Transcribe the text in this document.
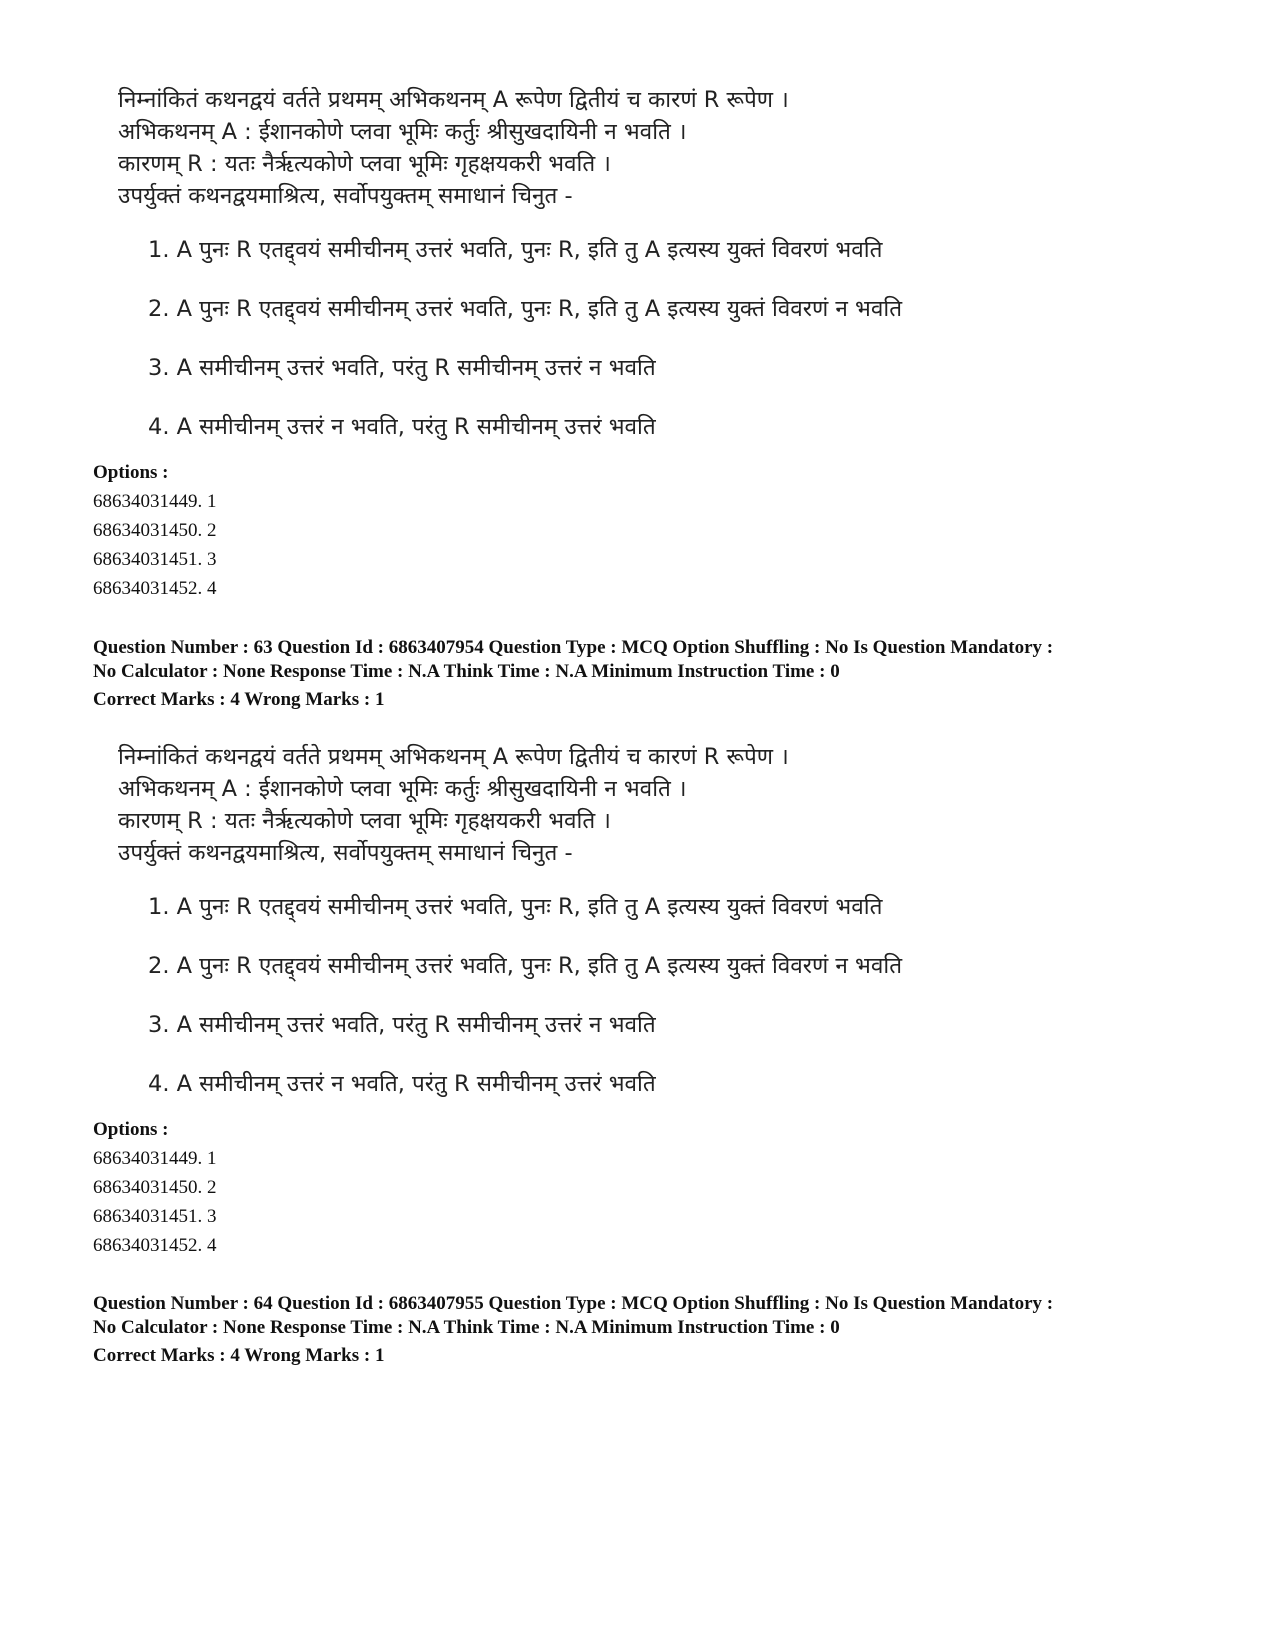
निम्नांकितं कथनद्वयं वर्तते प्रथमम् अभिकथनम् A रूपेण द्वितीयं च कारणं R रूपेण ।
अभिकथनम् A : ईशानकोणे प्लवा भूमिः कर्तुः श्रीसुखदायिनी न भवति ।
कारणम् R : यतः नैर्ऋत्यकोणे प्लवा भूमिः गृहक्षयकरी भवति ।
उपर्युक्तं कथनद्वयमाश्रित्य, सर्वोपयुक्तम् समाधानं चिनुत -
1. A पुनः R एतद्द्वयं समीचीनम् उत्तरं भवति, पुनः R, इति तु A इत्यस्य युक्तं विवरणं भवति
2. A पुनः R एतद्द्वयं समीचीनम् उत्तरं भवति, पुनः R, इति तु A इत्यस्य युक्तं विवरणं न भवति
3. A समीचीनम् उत्तरं भवति, परंतु R समीचीनम् उत्तरं न भवति
4. A समीचीनम् उत्तरं न भवति, परंतु R समीचीनम् उत्तरं भवति
Options :
68634031449. 1
68634031450. 2
68634031451. 3
68634031452. 4
Question Number : 63 Question Id : 6863407954 Question Type : MCQ Option Shuffling : No Is Question Mandatory :
No Calculator : None Response Time : N.A Think Time : N.A Minimum Instruction Time : 0
Correct Marks : 4 Wrong Marks : 1
निम्नांकितं कथनद्वयं वर्तते प्रथमम् अभिकथनम् A रूपेण द्वितीयं च कारणं R रूपेण ।
अभिकथनम् A : ईशानकोणे प्लवा भूमिः कर्तुः श्रीसुखदायिनी न भवति ।
कारणम् R : यतः नैर्ऋत्यकोणे प्लवा भूमिः गृहक्षयकरी भवति ।
उपर्युक्तं कथनद्वयमाश्रित्य, सर्वोपयुक्तम् समाधानं चिनुत -
1. A पुनः R एतद्द्वयं समीचीनम् उत्तरं भवति, पुनः R, इति तु A इत्यस्य युक्तं विवरणं भवति
2. A पुनः R एतद्द्वयं समीचीनम् उत्तरं भवति, पुनः R, इति तु A इत्यस्य युक्तं विवरणं न भवति
3. A समीचीनम् उत्तरं भवति, परंतु R समीचीनम् उत्तरं न भवति
4. A समीचीनम् उत्तरं न भवति, परंतु R समीचीनम् उत्तरं भवति
Options :
68634031449. 1
68634031450. 2
68634031451. 3
68634031452. 4
Question Number : 64 Question Id : 6863407955 Question Type : MCQ Option Shuffling : No Is Question Mandatory :
No Calculator : None Response Time : N.A Think Time : N.A Minimum Instruction Time : 0
Correct Marks : 4 Wrong Marks : 1
